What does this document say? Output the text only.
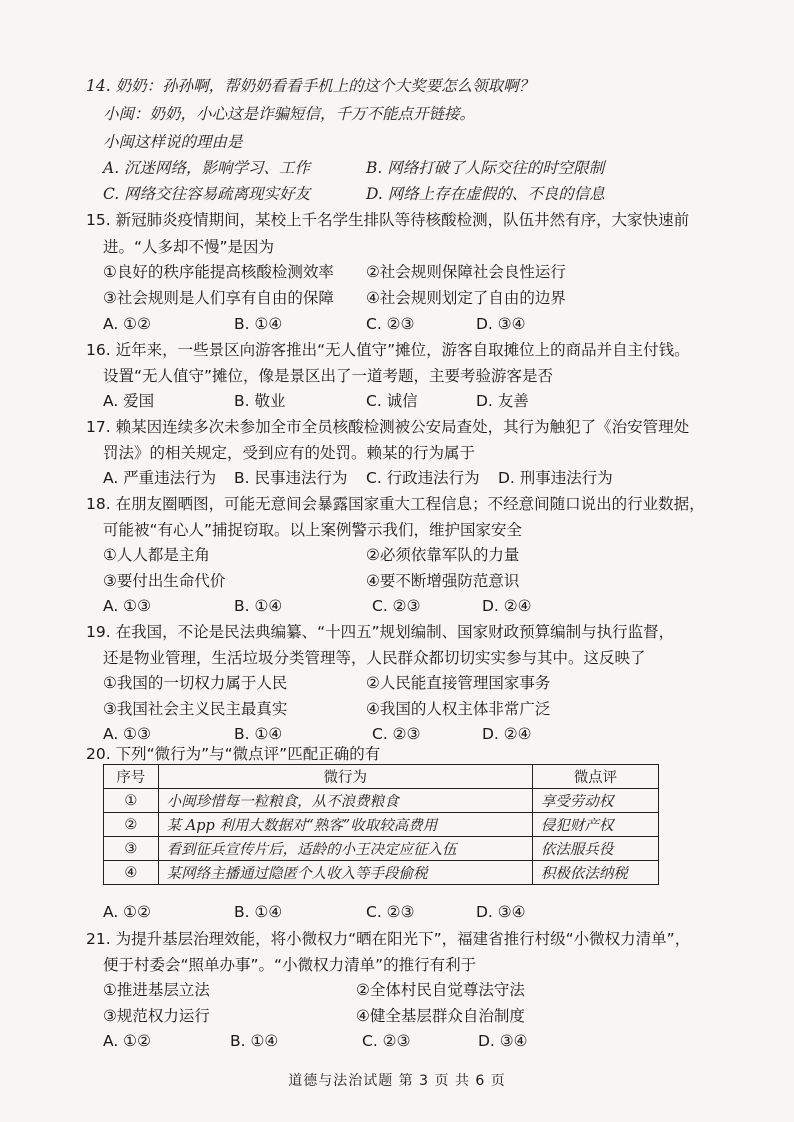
14. 奶奶：孙孙啊，帮奶奶看看手机上的这个大奖要怎么领取啊？
小闽：奶奶，小心这是诈骗短信，千万不能点开链接。
小闽这样说的理由是
A. 沉迷网络，影响学习、工作	B. 网络打破了人际交往的时空限制
C. 网络交往容易疏离现实好友	D. 网络上存在虚假的、不良的信息
15. 新冠肺炎疫情期间，某校上千名学生排队等待核酸检测，队伍井然有序，大家快速前
进。“人多却不慢”是因为
①良好的秩序能提高核酸检测效率 ②社会规则保障社会良性运行
③社会规则是人们享有自由的保障 ④社会规则划定了自由的边界
A. ①②	B. ①④	C. ②③	D. ③④
16. 近年来，一些景区向游客推出“无人值守”摊位，游客自取摊位上的商品并自主付钱。
设置“无人值守”摊位，像是景区出了一道考题，主要考验游客是否
A. 爱国	B. 敬业	C. 诚信	D. 友善
17. 赖某因连续多次未参加全市全员核酸检测被公安局查处，其行为触犯了《治安管理处
罚法》的相关规定，受到应有的处罚。赖某的行为属于
A. 严重违法行为 B. 民事违法行为 C. 行政违法行为 D. 刑事违法行为
18. 在朋友圈晒图，可能无意间会暴露国家重大工程信息；不经意间随口说出的行业数据，
可能被“有心人”捕捉窃取。以上案例警示我们，维护国家安全
①人人都是主角	②必须依靠军队的力量
③要付出生命代价	④要不断增强防范意识
A. ①③	B. ①④	C. ②③	D. ②④
19. 在我国，不论是民法典编纂、“十四五”规划编制、国家财政预算编制与执行监督，
还是物业管理，生活垃圾分类管理等，人民群众都切切实实参与其中。这反映了
①我国的一切权力属于人民	②人民能直接管理国家事务
③我国社会主义民主最真实	④我国的人权主体非常广泛
A. ①③	B. ①④	C. ②③	D. ②④
20. 下列“微行为”与“微点评”匹配正确的有
序号	微行为	微点评
①	小闽珍惜每一粒粮食，从不浪费粮食	享受劳动权
②	某 App 利用大数据对“熟客”收取较高费用	侵犯财产权
③	看到征兵宣传片后，适龄的小王决定应征入伍	依法服兵役
④	某网络主播通过隐匿个人收入等手段偷税	积极依法纳税
A. ①②	B. ①④	C. ②③	D. ③④
21. 为提升基层治理效能，将小微权力“晒在阳光下”，福建省推行村级“小微权力清单”，
便于村委会“照单办事”。“小微权力清单”的推行有利于
①推进基层立法	②全体村民自觉尊法守法
③规范权力运行	④健全基层群众自治制度
A. ①②	B. ①④	C. ②③	D. ③④
道德与法治试题 第 3 页 共 6 页
